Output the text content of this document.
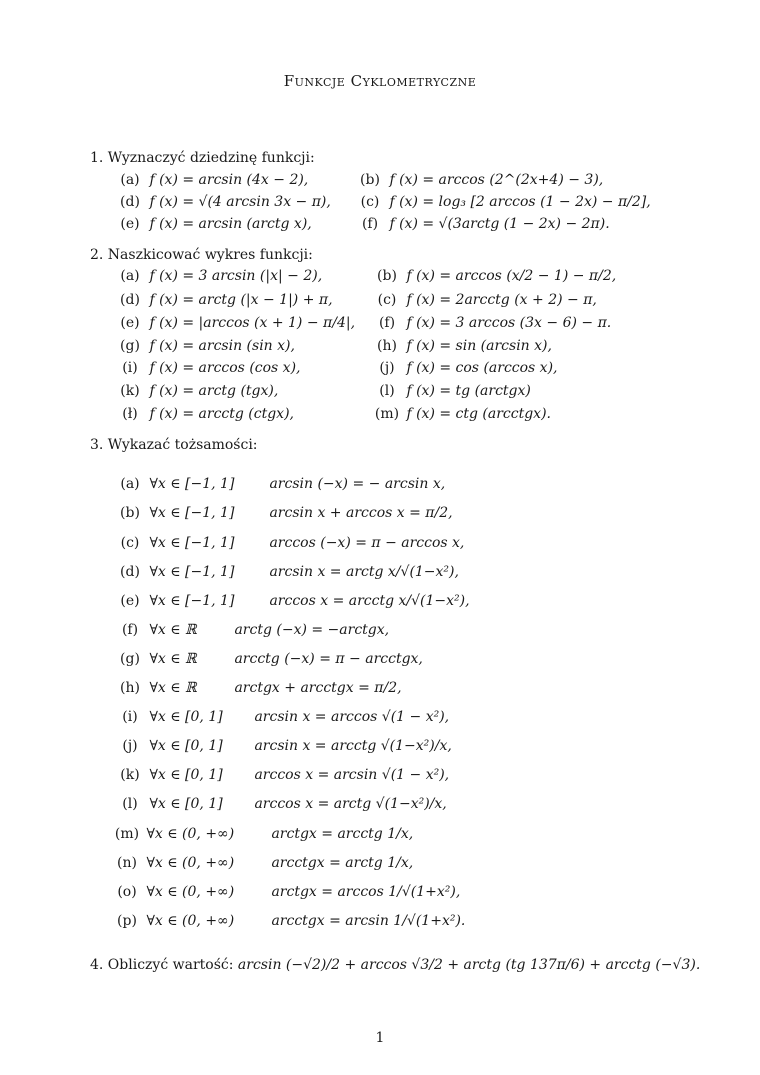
Funkcje Cyklometryczne
1. Wyznaczyć dziedzinę funkcji:
(a) f (x) = arcsin (4x − 2),	(b) f (x) = arccos (2^(2x+4) − 3),
(d) f (x) = √(4 arcsin 3x − π),	(c) f (x) = log₃ [2 arccos (1 − 2x) − π/2],
(e) f (x) = arcsin (arctg x),	(f) f (x) = √(3arctg (1 − 2x) − 2π).
2. Naszkicować wykres funkcji:
(a) f (x) = 3 arcsin (|x| − 2),	(b) f (x) = arccos (x/2 − 1) − π/2,
(d) f (x) = arctg (|x − 1|) + π,	(c) f (x) = 2arcctg (x + 2) − π,
(e) f (x) = |arccos (x + 1) − π/4|,	(f) f (x) = 3 arccos (3x − 6) − π.
(g) f (x) = arcsin (sin x),	(h) f (x) = sin (arcsin x),
(i) f (x) = arccos (cos x),	(j) f (x) = cos (arccos x),
(k) f (x) = arctg (tgx),	(l) f (x) = tg (arctgx)
(ł) f (x) = arcctg (ctgx),	(m) f (x) = ctg (arcctgx).
3. Wykazać tożsamości:
(a) ∀x ∈ [−1, 1]	arcsin (−x) = − arcsin x,
(b) ∀x ∈ [−1, 1]	arcsin x + arccos x = π/2,
(c) ∀x ∈ [−1, 1]	arccos (−x) = π − arccos x,
(d) ∀x ∈ [−1, 1]	arcsin x = arctg x/√(1−x²),
(e) ∀x ∈ [−1, 1]	arccos x = arcctg x/√(1−x²),
(f) ∀x ∈ ℝ	arctg (−x) = −arctgx,
(g) ∀x ∈ ℝ	arcctg (−x) = π − arcctgx,
(h) ∀x ∈ ℝ	arctgx + arcctgx = π/2,
(i) ∀x ∈ [0, 1] arcsin x = arccos √(1 − x²),
(j) ∀x ∈ [0, 1] arcsin x = arcctg √(1−x²)/x,
(k) ∀x ∈ [0, 1] arccos x = arcsin √(1 − x²),
(l) ∀x ∈ [0, 1] arccos x = arctg √(1−x²)/x,
(m) ∀x ∈ (0, +∞)	arctgx = arcctg 1/x,
(n) ∀x ∈ (0, +∞)	arcctgx = arctg 1/x,
(o) ∀x ∈ (0, +∞)	arctgx = arccos 1/√(1+x²),
(p) ∀x ∈ (0, +∞)	arcctgx = arcsin 1/√(1+x²).
4. Obliczyć wartość: arcsin (−√2)/2 + arccos √3/2 + arctg (tg 137π/6) + arcctg (−√3).
1
